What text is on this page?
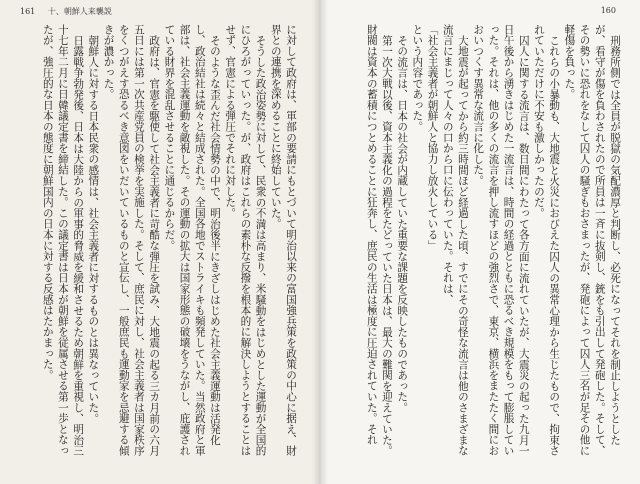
161 十、朝鮮人来襲説

に対して政府は、軍部の要請にもとづいて明治以来の富国強兵策を政策の中心に据え、財界との連携を深めることに終始していた。

そうした政治姿勢に対して、民衆の不満は高まり、米騒動をはじめとした運動が全国的にひろがっていった。が、政府はこれらの素朴な反撥を根本的に解決しようとすることはせず、官憲による弾圧でそれに対した。

そのような歪んだ社会情勢の中で、明治後半にきざしはじめた社会主義運動は活発化し、政治結社は続々と結成された。全国各地でストライキも頻発していた。当然政府と軍部は、社会主義運動を敵視した。その運動の拡大は国家形態の破壊をうながし、庇護されている財界を混乱させることに通じるからだ。

政府は、官憲を駆使して社会主義者に苛酷な弾圧を試み、大地震の起る三カ月前の六月五日には第一次共産党員の検挙を実施した。そして、庶民に対し、社会主義者は国家秩序をくつがえす恐るべき意図をいだいているものと宣伝し、一般庶民も運動家を忌避する傾きが濃かった。

朝鮮人に対する日本民衆の感情は、社会主義者に対するものとは異なっていた。

日露戦争勃発後、日本は大陸からの軍事的脅威を緩和させるため朝鮮を重視し、明治三十七年二月に日韓議定書を締結した。この議定書は日本が朝鮮を従属させる第一歩となったが、強圧的な日本の態度に朝鮮国内の日本に対する反感はたかまった。

160

刑務所側では全員が脱獄の気配濃厚と判断し、必死になってそれを制止しようとしたが、看守が傷を負わされたので所員は一斉に抜剣し、銃をも引出して発砲した。そして、その勢いに恐れをなして囚人の騒ぎもおさまったが、発砲によって囚人三名が足その他に軽傷を負った。

これらの小暴動も、大地震と火災におびえた囚人の異常心理から生じたもので、拘束されていただけに不安も激しかったのだ。

囚人に関する流言は、数日間にわたって各方面に流れていたが、大震災の起った九月一日午後から湧きはじめた一流言は、時間の経過とともに恐るべき規模をもって膨脹していった。それは、他の多くの流言を押し流すほどの強烈さで、東京、横浜をまたたく間におおいつくす異常な流言に化した。

大地震が起ってから約三時間ほど経過した頃、すでにその奇怪な流言は他のさまざまな流言にまじって人々の口から口に伝わっていた。それは、

「社会主義者が朝鮮人と協力し放火している」

という内容であった。

その流言は、日本の社会が内蔵していた重要な課題を反映したものであった。

第一次大戦以後、資本主義化の過程をたどっていた日本は、最大の難関を迎えていた。財閥は資本の蓄積につとめることに狂奔し、庶民の生活は極度に圧迫されていた。それ
